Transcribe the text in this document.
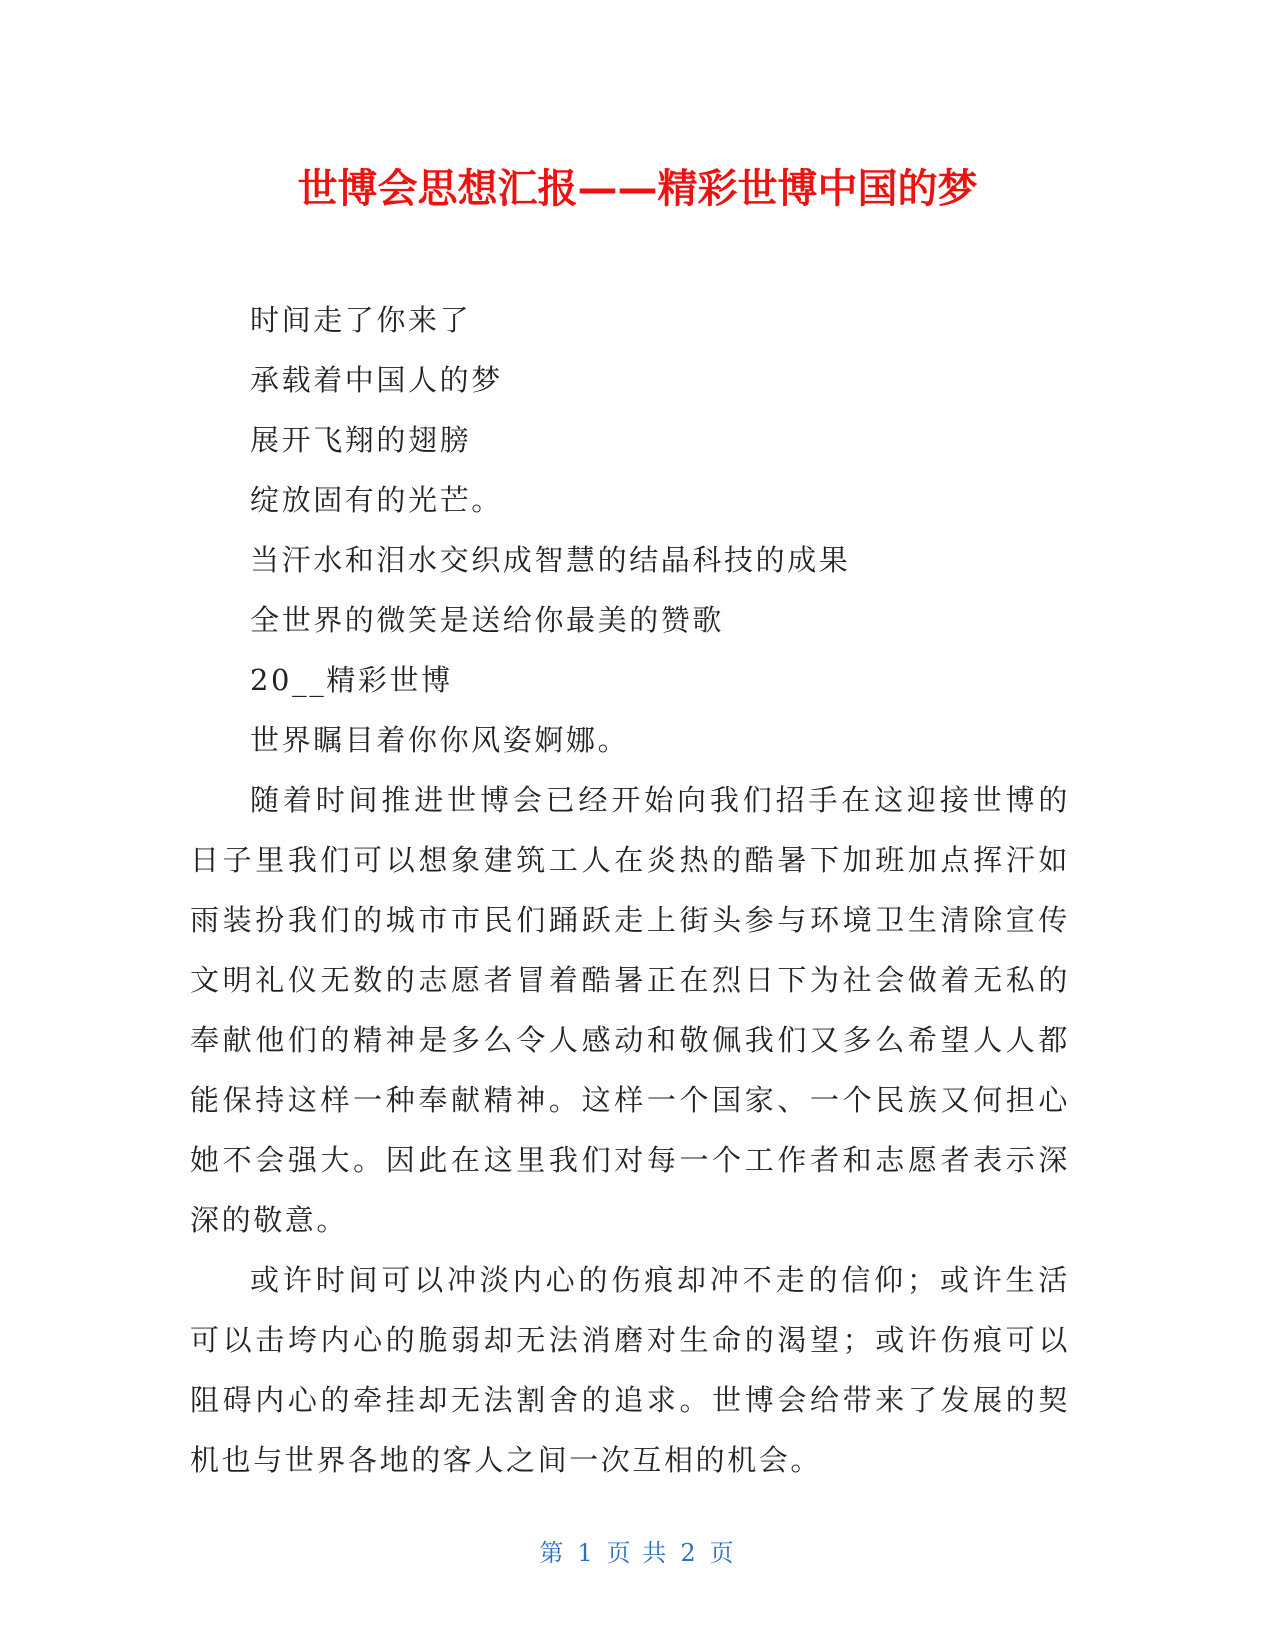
世博会思想汇报——精彩世博中国的梦

时间走了你来了

承载着中国人的梦

展开飞翔的翅膀

绽放固有的光芒。

当汗水和泪水交织成智慧的结晶科技的成果

全世界的微笑是送给你最美的赞歌

20__精彩世博

世界瞩目着你你风姿婀娜。

随着时间推进世博会已经开始向我们招手在这迎接世博的日子里我们可以想象建筑工人在炎热的酷暑下加班加点挥汗如雨装扮我们的城市市民们踊跃走上街头参与环境卫生清除宣传文明礼仪无数的志愿者冒着酷暑正在烈日下为社会做着无私的奉献他们的精神是多么令人感动和敬佩我们又多么希望人人都能保持这样一种奉献精神。这样一个国家、一个民族又何担心她不会强大。因此在这里我们对每一个工作者和志愿者表示深深的敬意。

或许时间可以冲淡内心的伤痕却冲不走的信仰；或许生活可以击垮内心的脆弱却无法消磨对生命的渴望；或许伤痕可以阻碍内心的牵挂却无法割舍的追求。世博会给带来了发展的契机也与世界各地的客人之间一次互相的机会。

第 1 页 共 2 页
